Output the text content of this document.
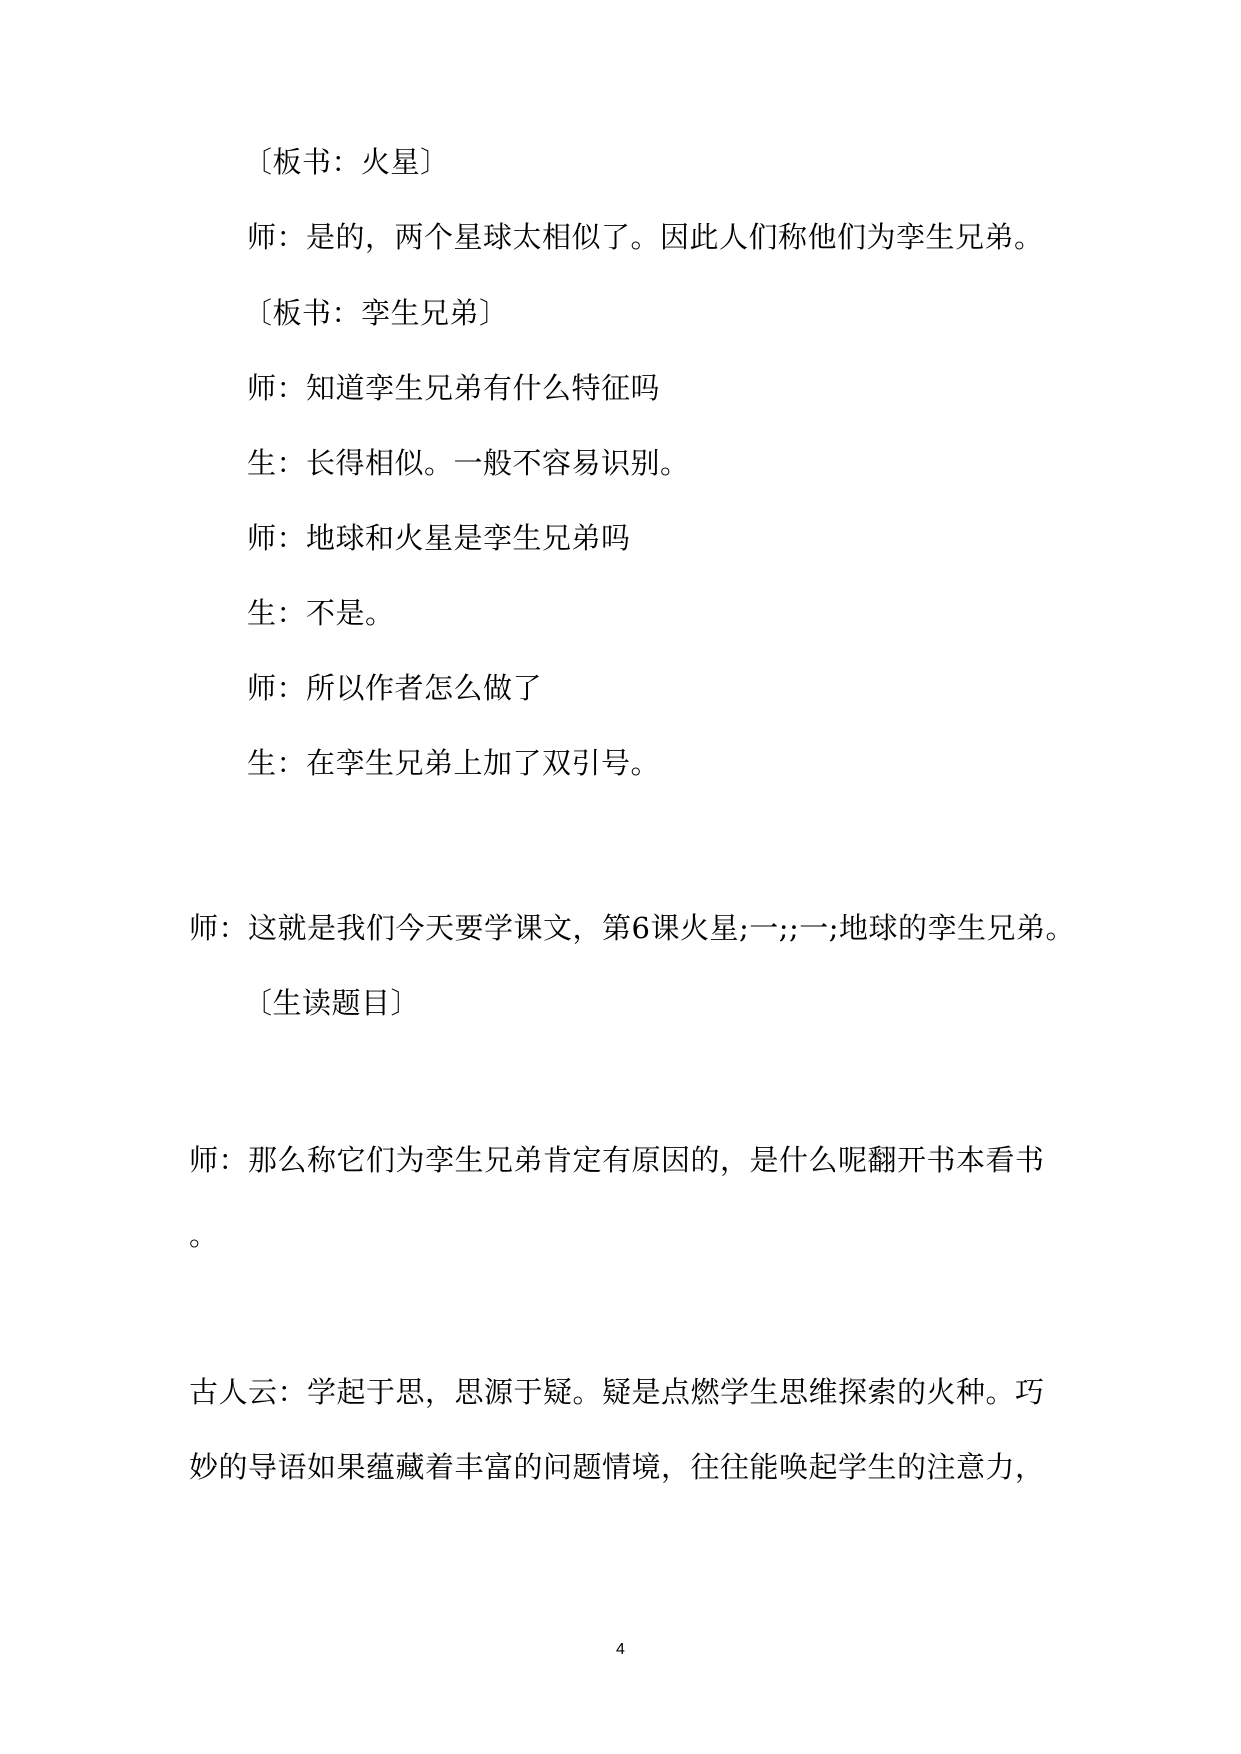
〔板书：火星〕
师：是的，两个星球太相似了。因此人们称他们为孪生兄弟。
〔板书：孪生兄弟〕
师：知道孪生兄弟有什么特征吗
生：长得相似。一般不容易识别。
师：地球和火星是孪生兄弟吗
生：不是。
师：所以作者怎么做了
生：在孪生兄弟上加了双引号。
师：这就是我们今天要学课文，第6课火星;一;;一;地球的孪生兄弟。
〔生读题目〕
师：那么称它们为孪生兄弟肯定有原因的，是什么呢翻开书本看书
。
古人云：学起于思，思源于疑。疑是点燃学生思维探索的火种。巧
妙的导语如果蕴藏着丰富的问题情境，往往能唤起学生的注意力，
4
